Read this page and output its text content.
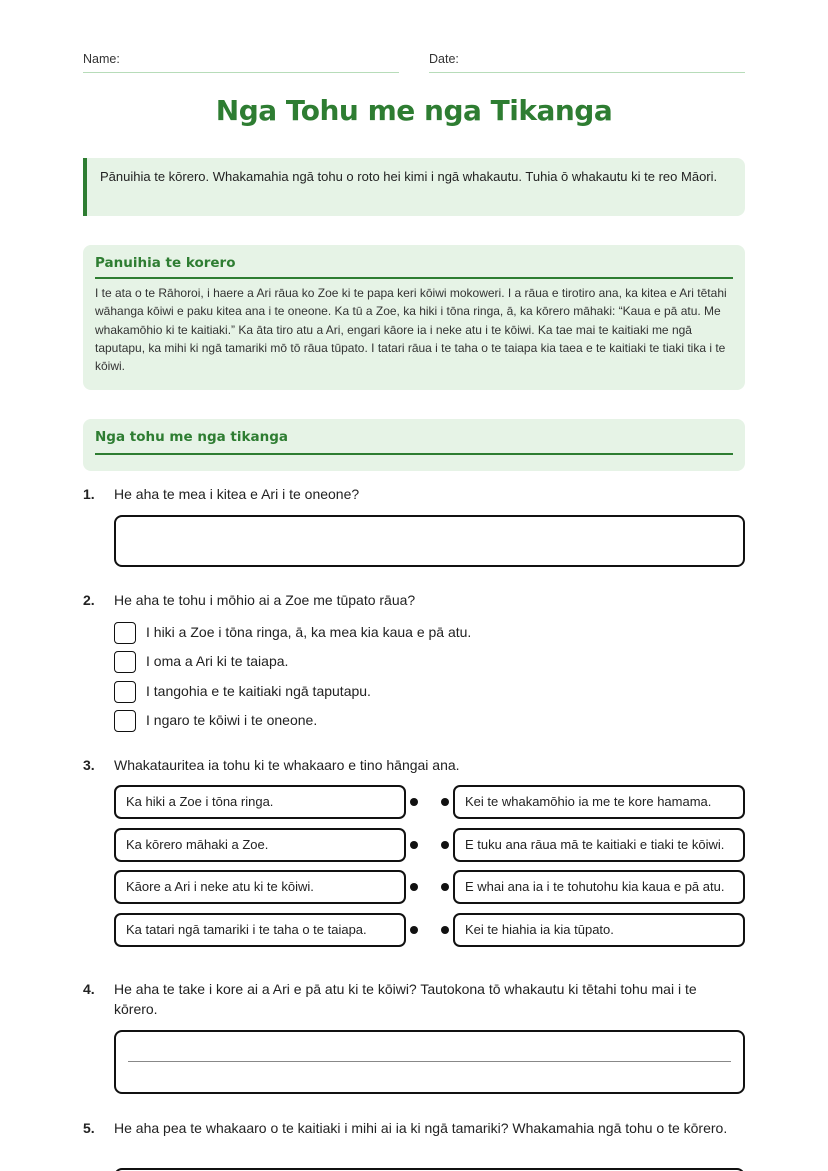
Name:	Date:
Nga Tohu me nga Tikanga
Pānuihia te kōrero. Whakamahia ngā tohu o roto hei kimi i ngā whakautu. Tuhia ō whakautu ki te reo Māori.
Panuihia te korero
I te ata o te Rāhoroi, i haere a Ari rāua ko Zoe ki te papa keri kōiwi mokoweri. I a rāua e tirotiro ana, ka kitea e Ari tētahi wāhanga kōiwi e paku kitea ana i te oneone. Ka tū a Zoe, ka hiki i tōna ringa, ā, ka kōrero māhaki: “Kaua e pā atu. Me whakamōhio ki te kaitiaki.” Ka āta tiro atu a Ari, engari kāore ia i neke atu i te kōiwi. Ka tae mai te kaitiaki me ngā taputapu, ka mihi ki ngā tamariki mō tō rāua tūpato. I tatari rāua i te taha o te taiapa kia taea e te kaitiaki te tiaki tika i te kōiwi.
Nga tohu me nga tikanga
1. He aha te mea i kitea e Ari i te oneone?
2. He aha te tohu i mōhio ai a Zoe me tūpato rāua?
I hiki a Zoe i tōna ringa, ā, ka mea kia kaua e pā atu.
I oma a Ari ki te taiapa.
I tangohia e te kaitiaki ngā taputapu.
I ngaro te kōiwi i te oneone.
3. Whakatauritea ia tohu ki te whakaaro e tino hāngai ana.
Ka hiki a Zoe i tōna ringa.	Kei te whakamōhio ia me te kore hamama.
Ka kōrero māhaki a Zoe.	E tuku ana rāua mā te kaitiaki e tiaki te kōiwi.
Kāore a Ari i neke atu ki te kōiwi.	E whai ana ia i te tohutohu kia kaua e pā atu.
Ka tatari ngā tamariki i te taha o te taiapa.	Kei te hiahia ia kia tūpato.
4. He aha te take i kore ai a Ari e pā atu ki te kōiwi? Tautokona tō whakautu ki tētahi tohu mai i te kōrero.
5. He aha pea te whakaaro o te kaitiaki i mihi ai ia ki ngā tamariki? Whakamahia ngā tohu o te kōrero.
